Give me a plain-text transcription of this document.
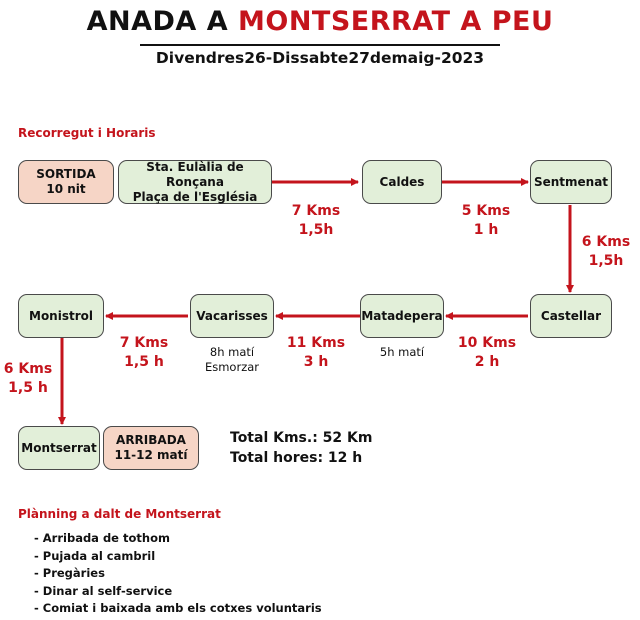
ANADA A MONTSERRAT A PEU
Divendres26-Dissabte27demaig-2023
Recorregut i Horaris
SORTIDA
10 nit
Sta. Eulàlia de Ronçana
Plaça de l'Església
Caldes	Sentmenat
Castellar
Matadepera
Vacarisses
Monistrol
Montserrat
ARRIBADA
11-12 matí
7 Kms
1,5h
5 Kms
1 h
6 Kms
1,5h
10 Kms
2 h
11 Kms
3 h
7 Kms
1,5 h
6 Kms
1,5 h
5h matí
8h matí
Esmorzar
Total Kms.: 52 Km
Total hores: 12 h
Plànning a dalt de Montserrat
- Arribada de tothom
- Pujada al cambril
- Pregàries
- Dinar al self-service
- Comiat i baixada amb els cotxes voluntaris
